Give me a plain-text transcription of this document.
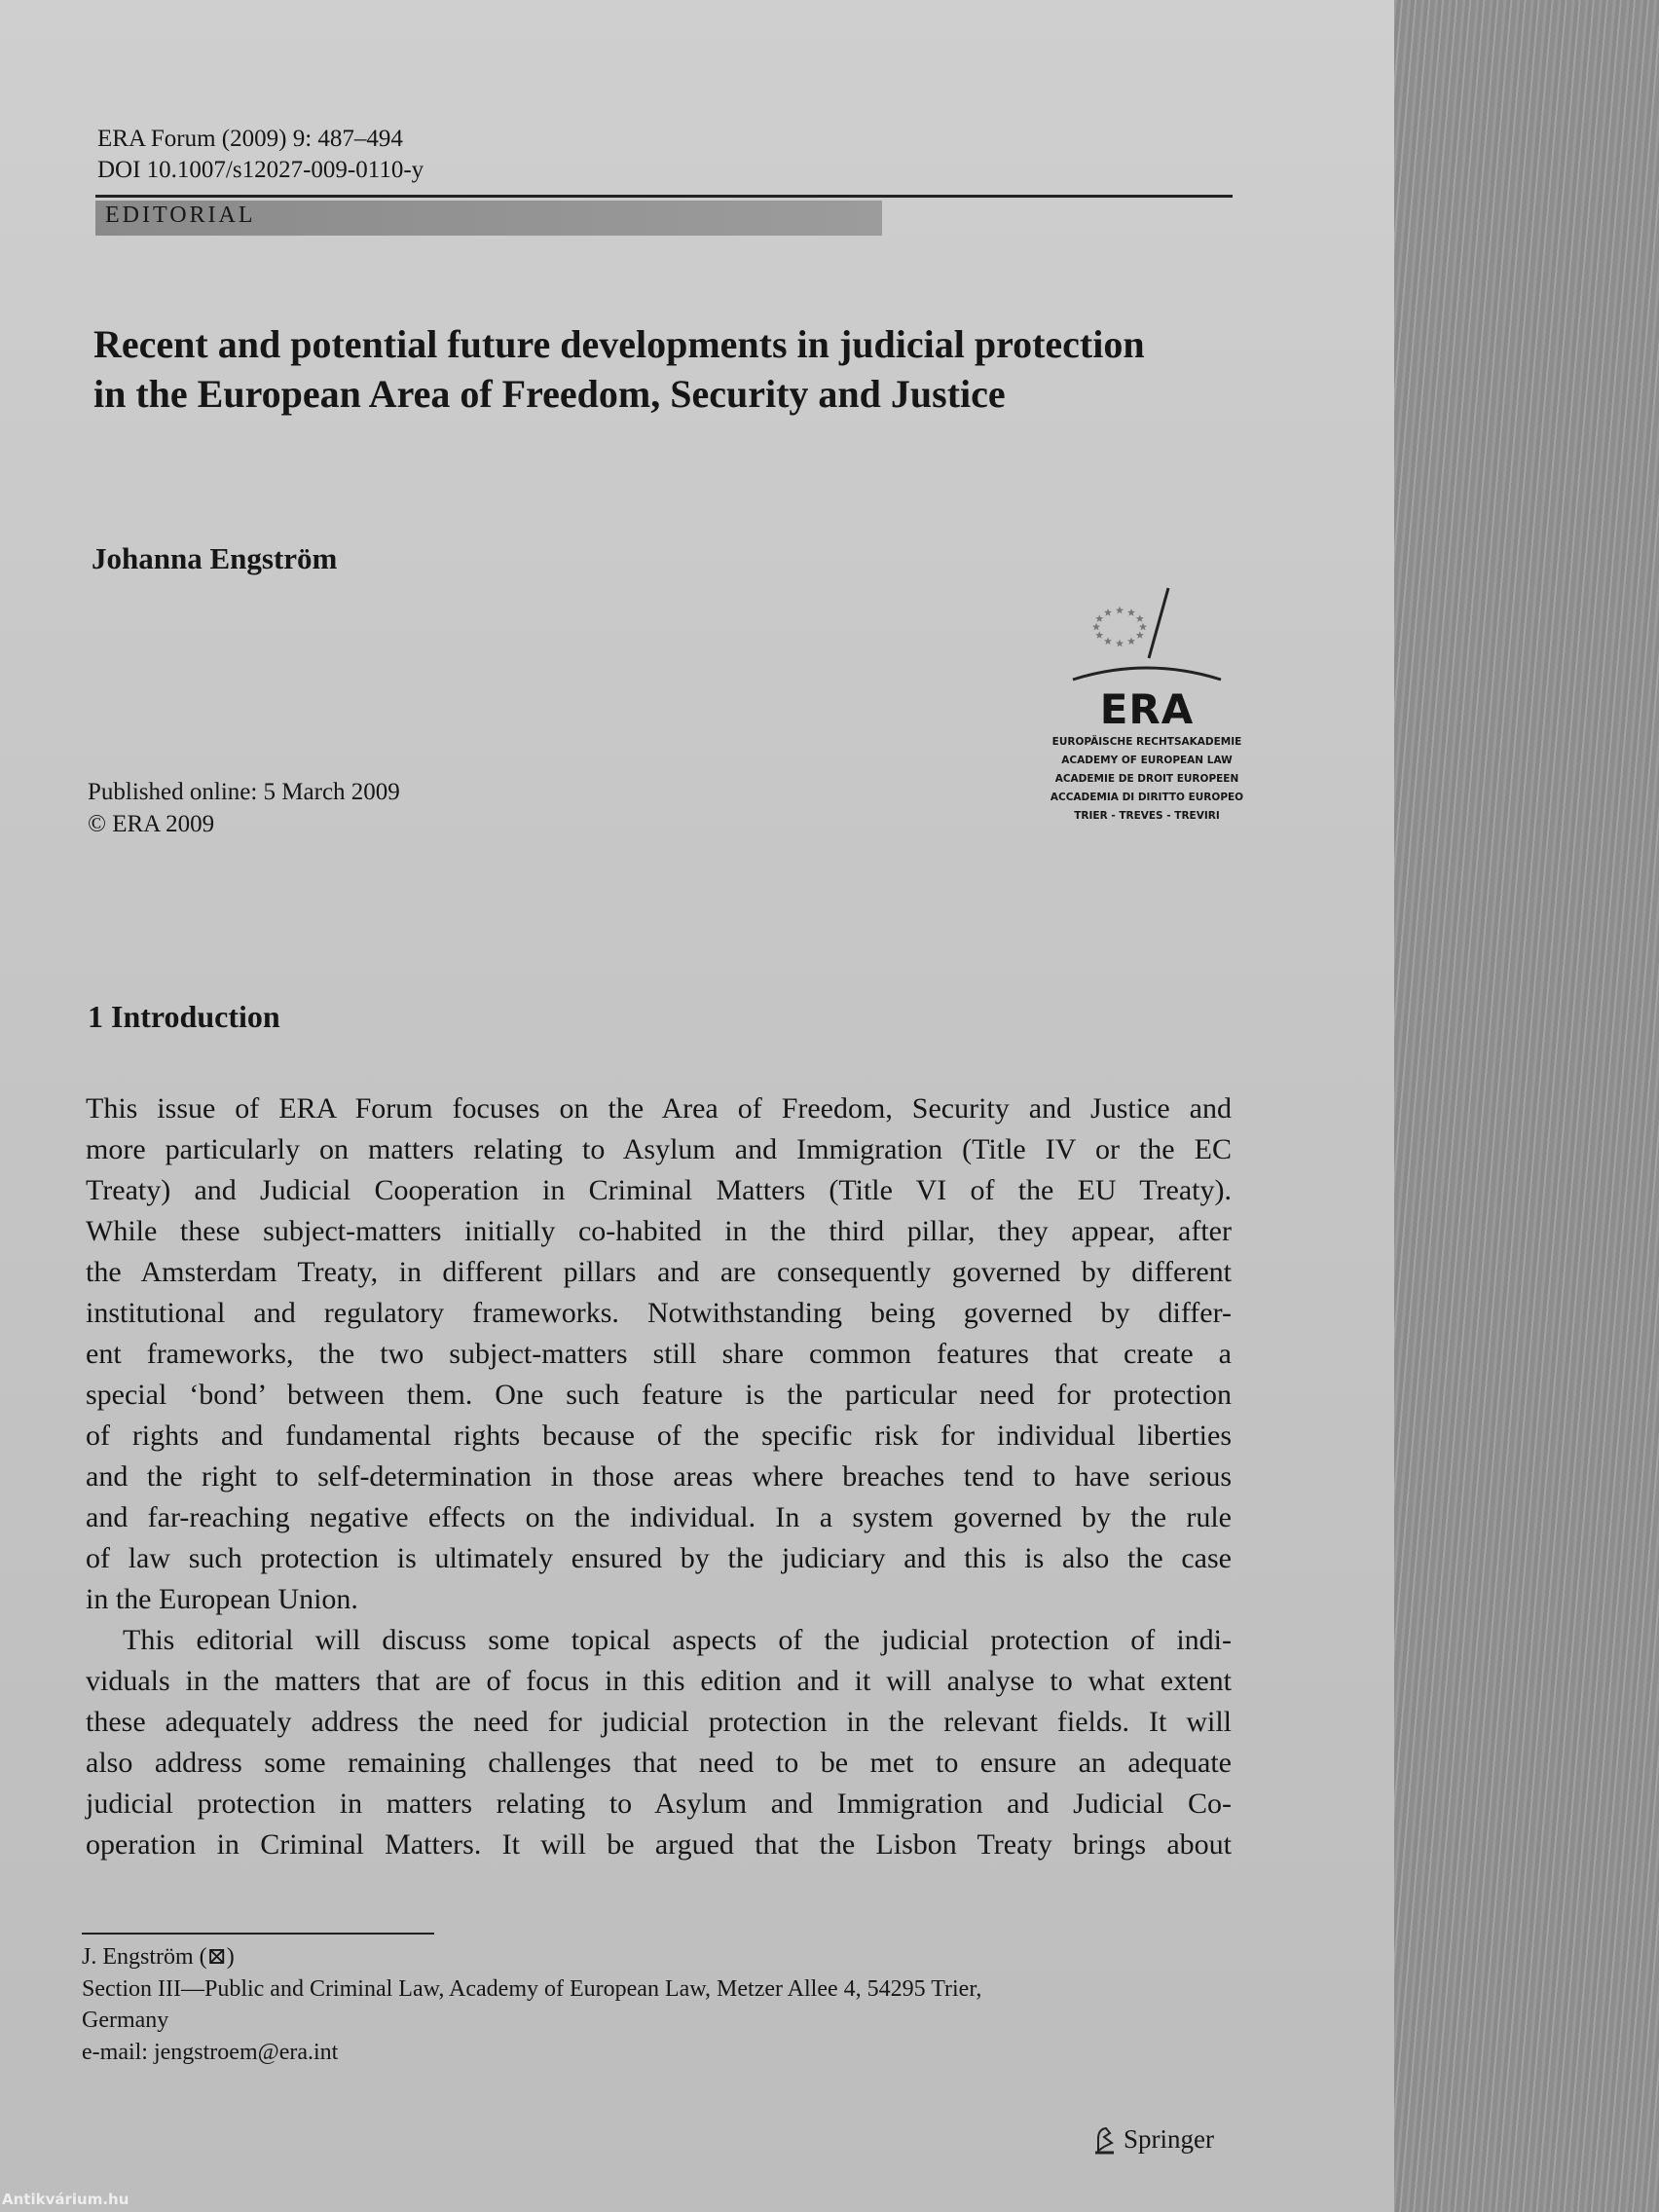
ERA Forum (2009) 9: 487–494
DOI 10.1007/s12027-009-0110-y
EDITORIAL
Recent and potential future developments in judicial protection in the European Area of Freedom, Security and Justice
Johanna Engström
Published online: 5 March 2009
© ERA 2009
ERA
EUROPÄISCHE RECHTSAKADEMIE
ACADEMY OF EUROPEAN LAW
ACADEMIE DE DROIT EUROPEEN
ACCADEMIA DI DIRITTO EUROPEO
TRIER - TREVES - TREVIRI
1 Introduction
This issue of ERA Forum focuses on the Area of Freedom, Security and Justice and
more particularly on matters relating to Asylum and Immigration (Title IV or the EC
Treaty) and Judicial Cooperation in Criminal Matters (Title VI of the EU Treaty).
While these subject-matters initially co-habited in the third pillar, they appear, after
the Amsterdam Treaty, in different pillars and are consequently governed by different
institutional and regulatory frameworks. Notwithstanding being governed by differ-
ent frameworks, the two subject-matters still share common features that create a
special ‘bond’ between them. One such feature is the particular need for protection
of rights and fundamental rights because of the specific risk for individual liberties
and the right to self-determination in those areas where breaches tend to have serious
and far-reaching negative effects on the individual. In a system governed by the rule
of law such protection is ultimately ensured by the judiciary and this is also the case
in the European Union.
This editorial will discuss some topical aspects of the judicial protection of indi-
viduals in the matters that are of focus in this edition and it will analyse to what extent
these adequately address the need for judicial protection in the relevant fields. It will
also address some remaining challenges that need to be met to ensure an adequate
judicial protection in matters relating to Asylum and Immigration and Judicial Co-
operation in Criminal Matters. It will be argued that the Lisbon Treaty brings about
J. Engström (⊠)
Section III—Public and Criminal Law, Academy of European Law, Metzer Allee 4, 54295 Trier,
Germany
e-mail: jengstroem@era.int
Springer
Antikvárium.hu
